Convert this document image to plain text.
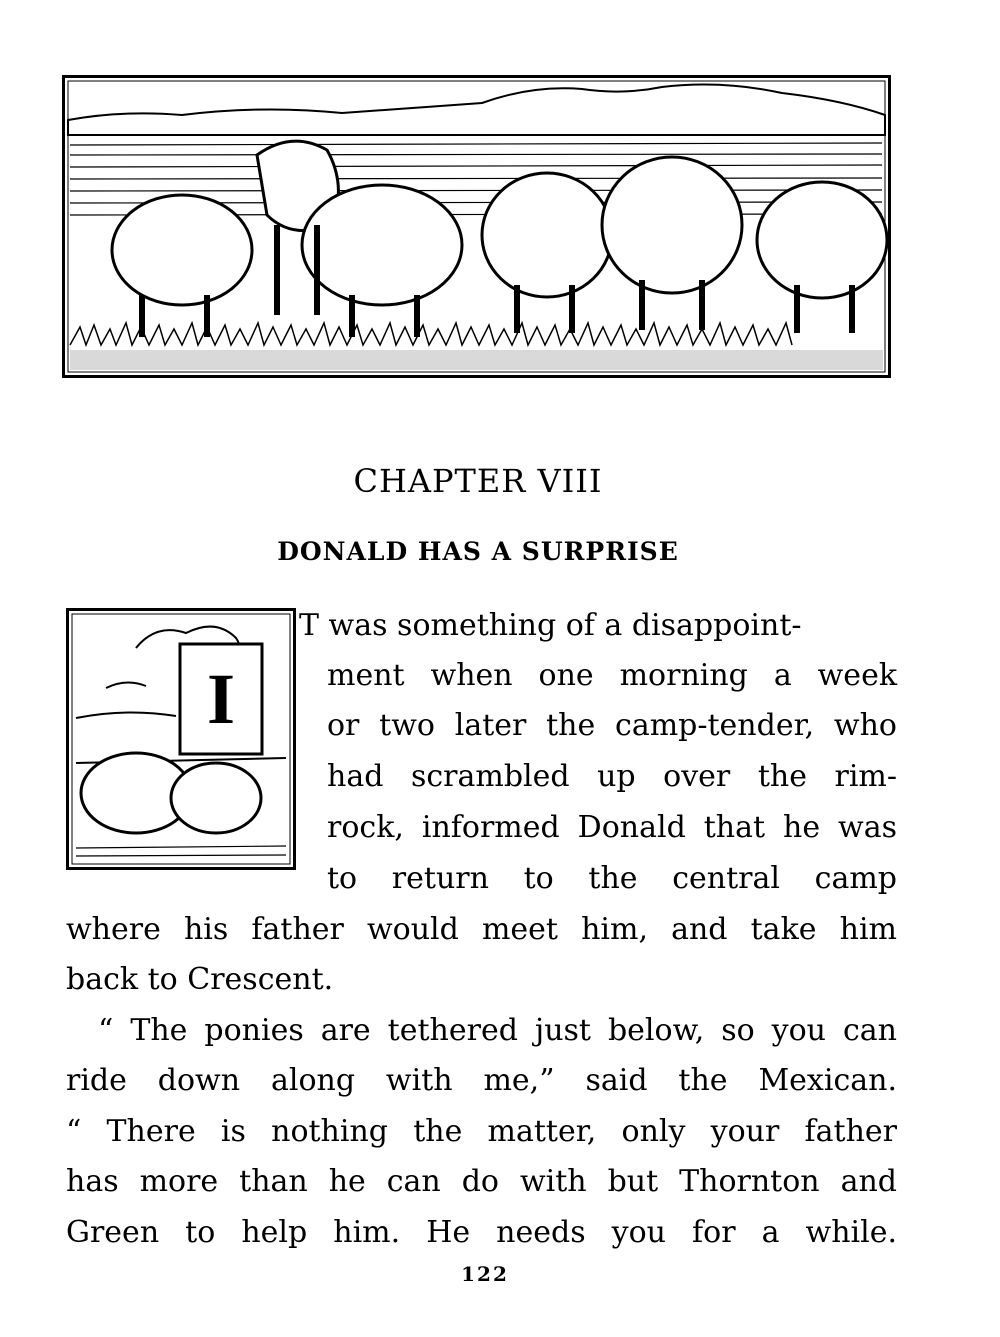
CHAPTER VIII
DONALD HAS A SURPRISE
I
T was something of a disappoint-
ment when one morning a week
or two later the camp-tender, who
had scrambled up over the rim-
rock, informed Donald that he was
to return to the central camp
where his father would meet him, and take him
back to Crescent.
“ The ponies are tethered just below, so you can
ride down along with me,” said the Mexican.
“ There is nothing the matter, only your father
has more than he can do with but Thornton and
Green to help him. He needs you for a while.
122
